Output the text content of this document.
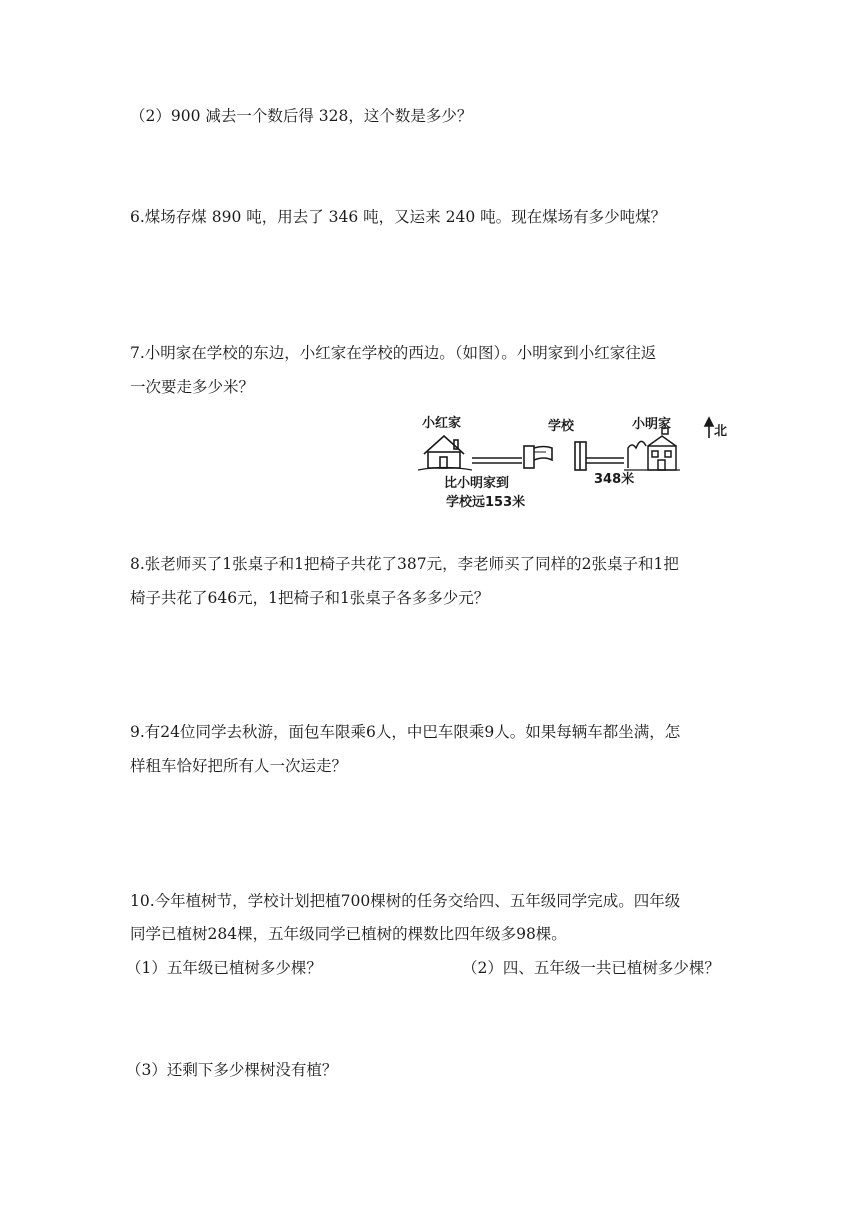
（2）900 减去一个数后得 328，这个数是多少？
6.煤场存煤 890 吨，用去了 346 吨，又运来 240 吨。现在煤场有多少吨煤？
7.小明家在学校的东边，小红家在学校的西边。（如图）。小明家到小红家往返
一次要走多少米？
小红家	学校	小明家	北
比小明家到
学校远153米
348米
8.张老师买了1张桌子和1把椅子共花了387元，李老师买了同样的2张桌子和1把
椅子共花了646元，1把椅子和1张桌子各多多少元？
9.有24位同学去秋游，面包车限乘6人，中巴车限乘9人。如果每辆车都坐满，怎
样租车恰好把所有人一次运走？
10.今年植树节，学校计划把植700棵树的任务交给四、五年级同学完成。四年级
同学已植树284棵，五年级同学已植树的棵数比四年级多98棵。
（1）五年级已植树多少棵？	（2）四、五年级一共已植树多少棵？
（3）还剩下多少棵树没有植？
